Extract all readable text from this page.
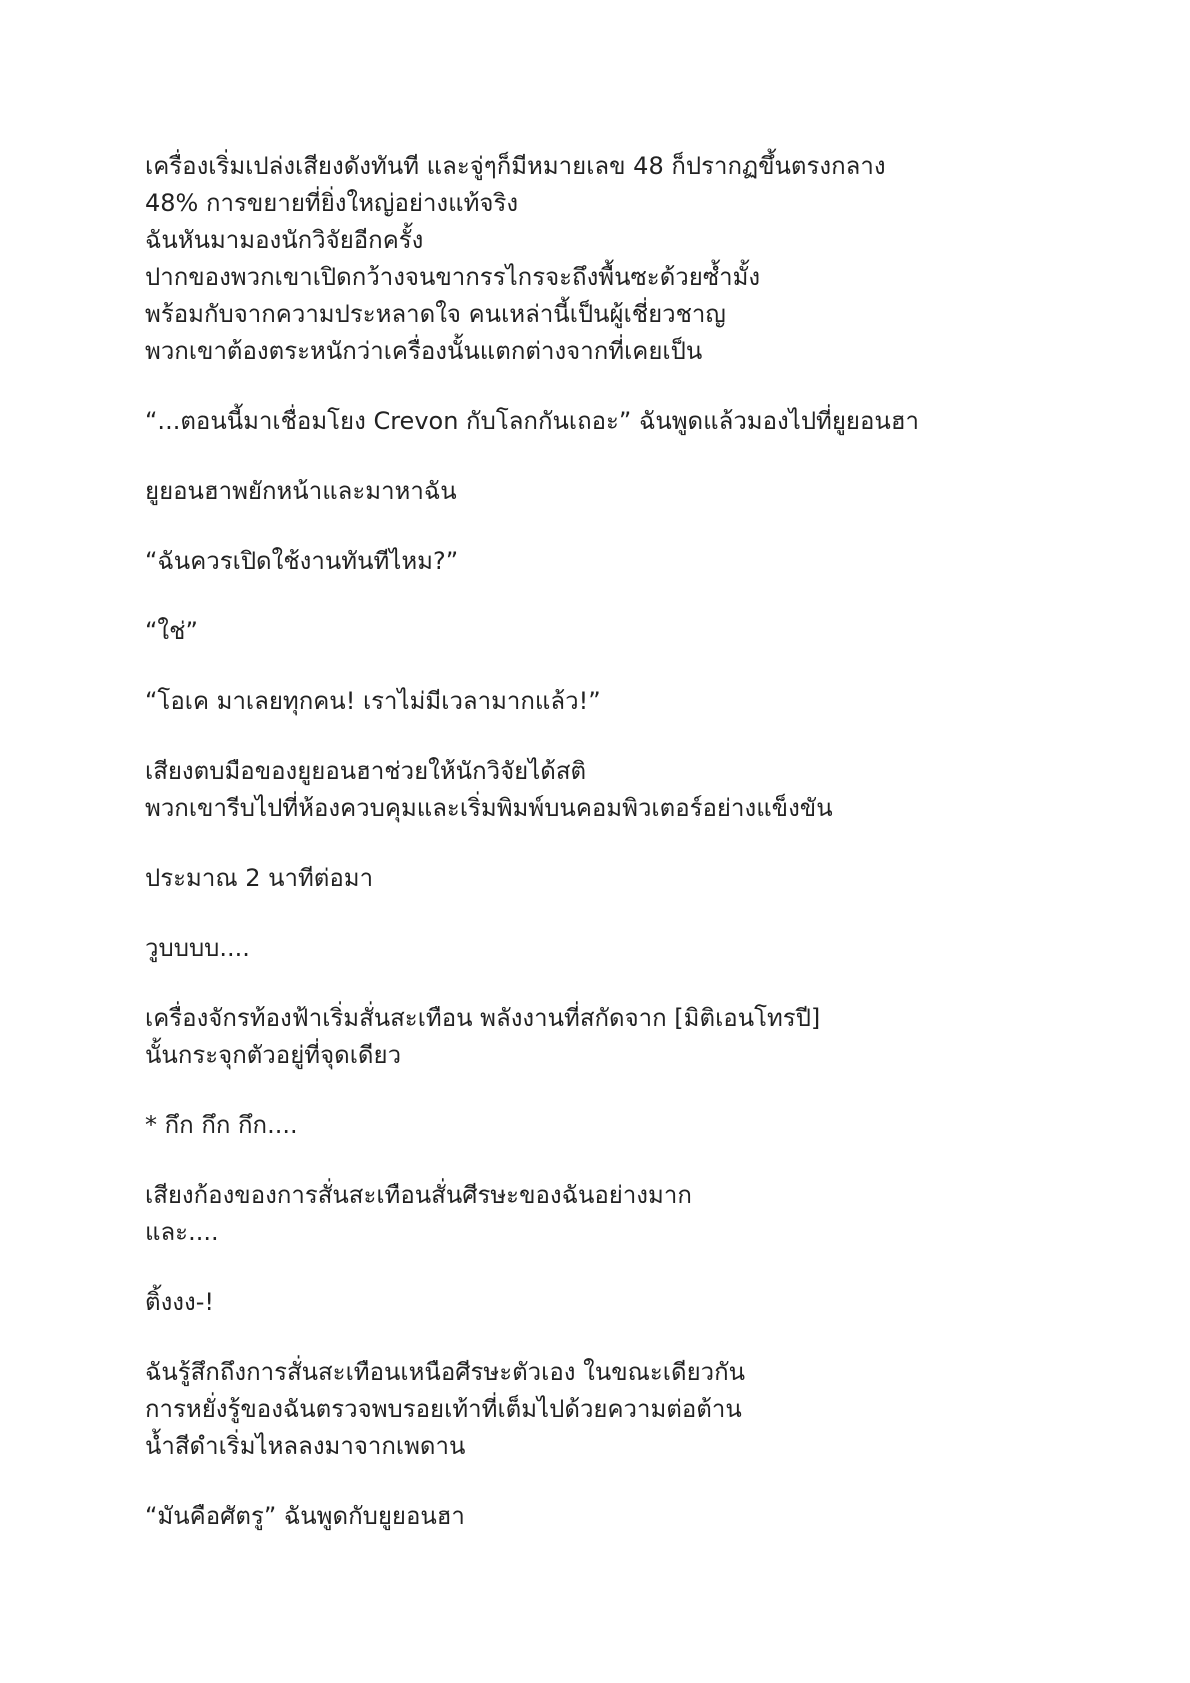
เครื่องเริ่มเปล่งเสียงดังทันที และจู่ๆก็มีหมายเลข 48 ก็ปรากฏขึ้นตรงกลาง
48% การขยายที่ยิ่งใหญ่อย่างแท้จริง
ฉันหันมามองนักวิจัยอีกครั้ง
ปากของพวกเขาเปิดกว้างจนขากรรไกรจะถึงพื้นซะด้วยซ้ำมั้ง
พร้อมกับจากความประหลาดใจ คนเหล่านี้เป็นผู้เชี่ยวชาญ
พวกเขาต้องตระหนักว่าเครื่องนั้นแตกต่างจากที่เคยเป็น

“...ตอนนี้มาเชื่อมโยง Crevon กับโลกกันเถอะ” ฉันพูดแล้วมองไปที่ยูยอนฮา

ยูยอนฮาพยักหน้าและมาหาฉัน

“ฉันควรเปิดใช้งานทันทีไหม?”

“ใช่”

“โอเค มาเลยทุกคน! เราไม่มีเวลามากแล้ว!”

เสียงตบมือของยูยอนฮาช่วยให้นักวิจัยได้สติ
พวกเขารีบไปที่ห้องควบคุมและเริ่มพิมพ์บนคอมพิวเตอร์อย่างแข็งขัน

ประมาณ 2 นาทีต่อมา

วูบบบบ....

เครื่องจักรท้องฟ้าเริ่มสั่นสะเทือน พลังงานที่สกัดจาก [มิติเอนโทรปี]
นั้นกระจุกตัวอยู่ที่จุดเดียว

* กึก กึก กึก....

เสียงก้องของการสั่นสะเทือนสั่นศีรษะของฉันอย่างมาก
และ....

ติ้งงง-!

ฉันรู้สึกถึงการสั่นสะเทือนเหนือศีรษะตัวเอง ในขณะเดียวกัน
การหยั่งรู้ของฉันตรวจพบรอยเท้าที่เต็มไปด้วยความต่อต้าน
น้ำสีดำเริ่มไหลลงมาจากเพดาน

“มันคือศัตรู” ฉันพูดกับยูยอนฮา
